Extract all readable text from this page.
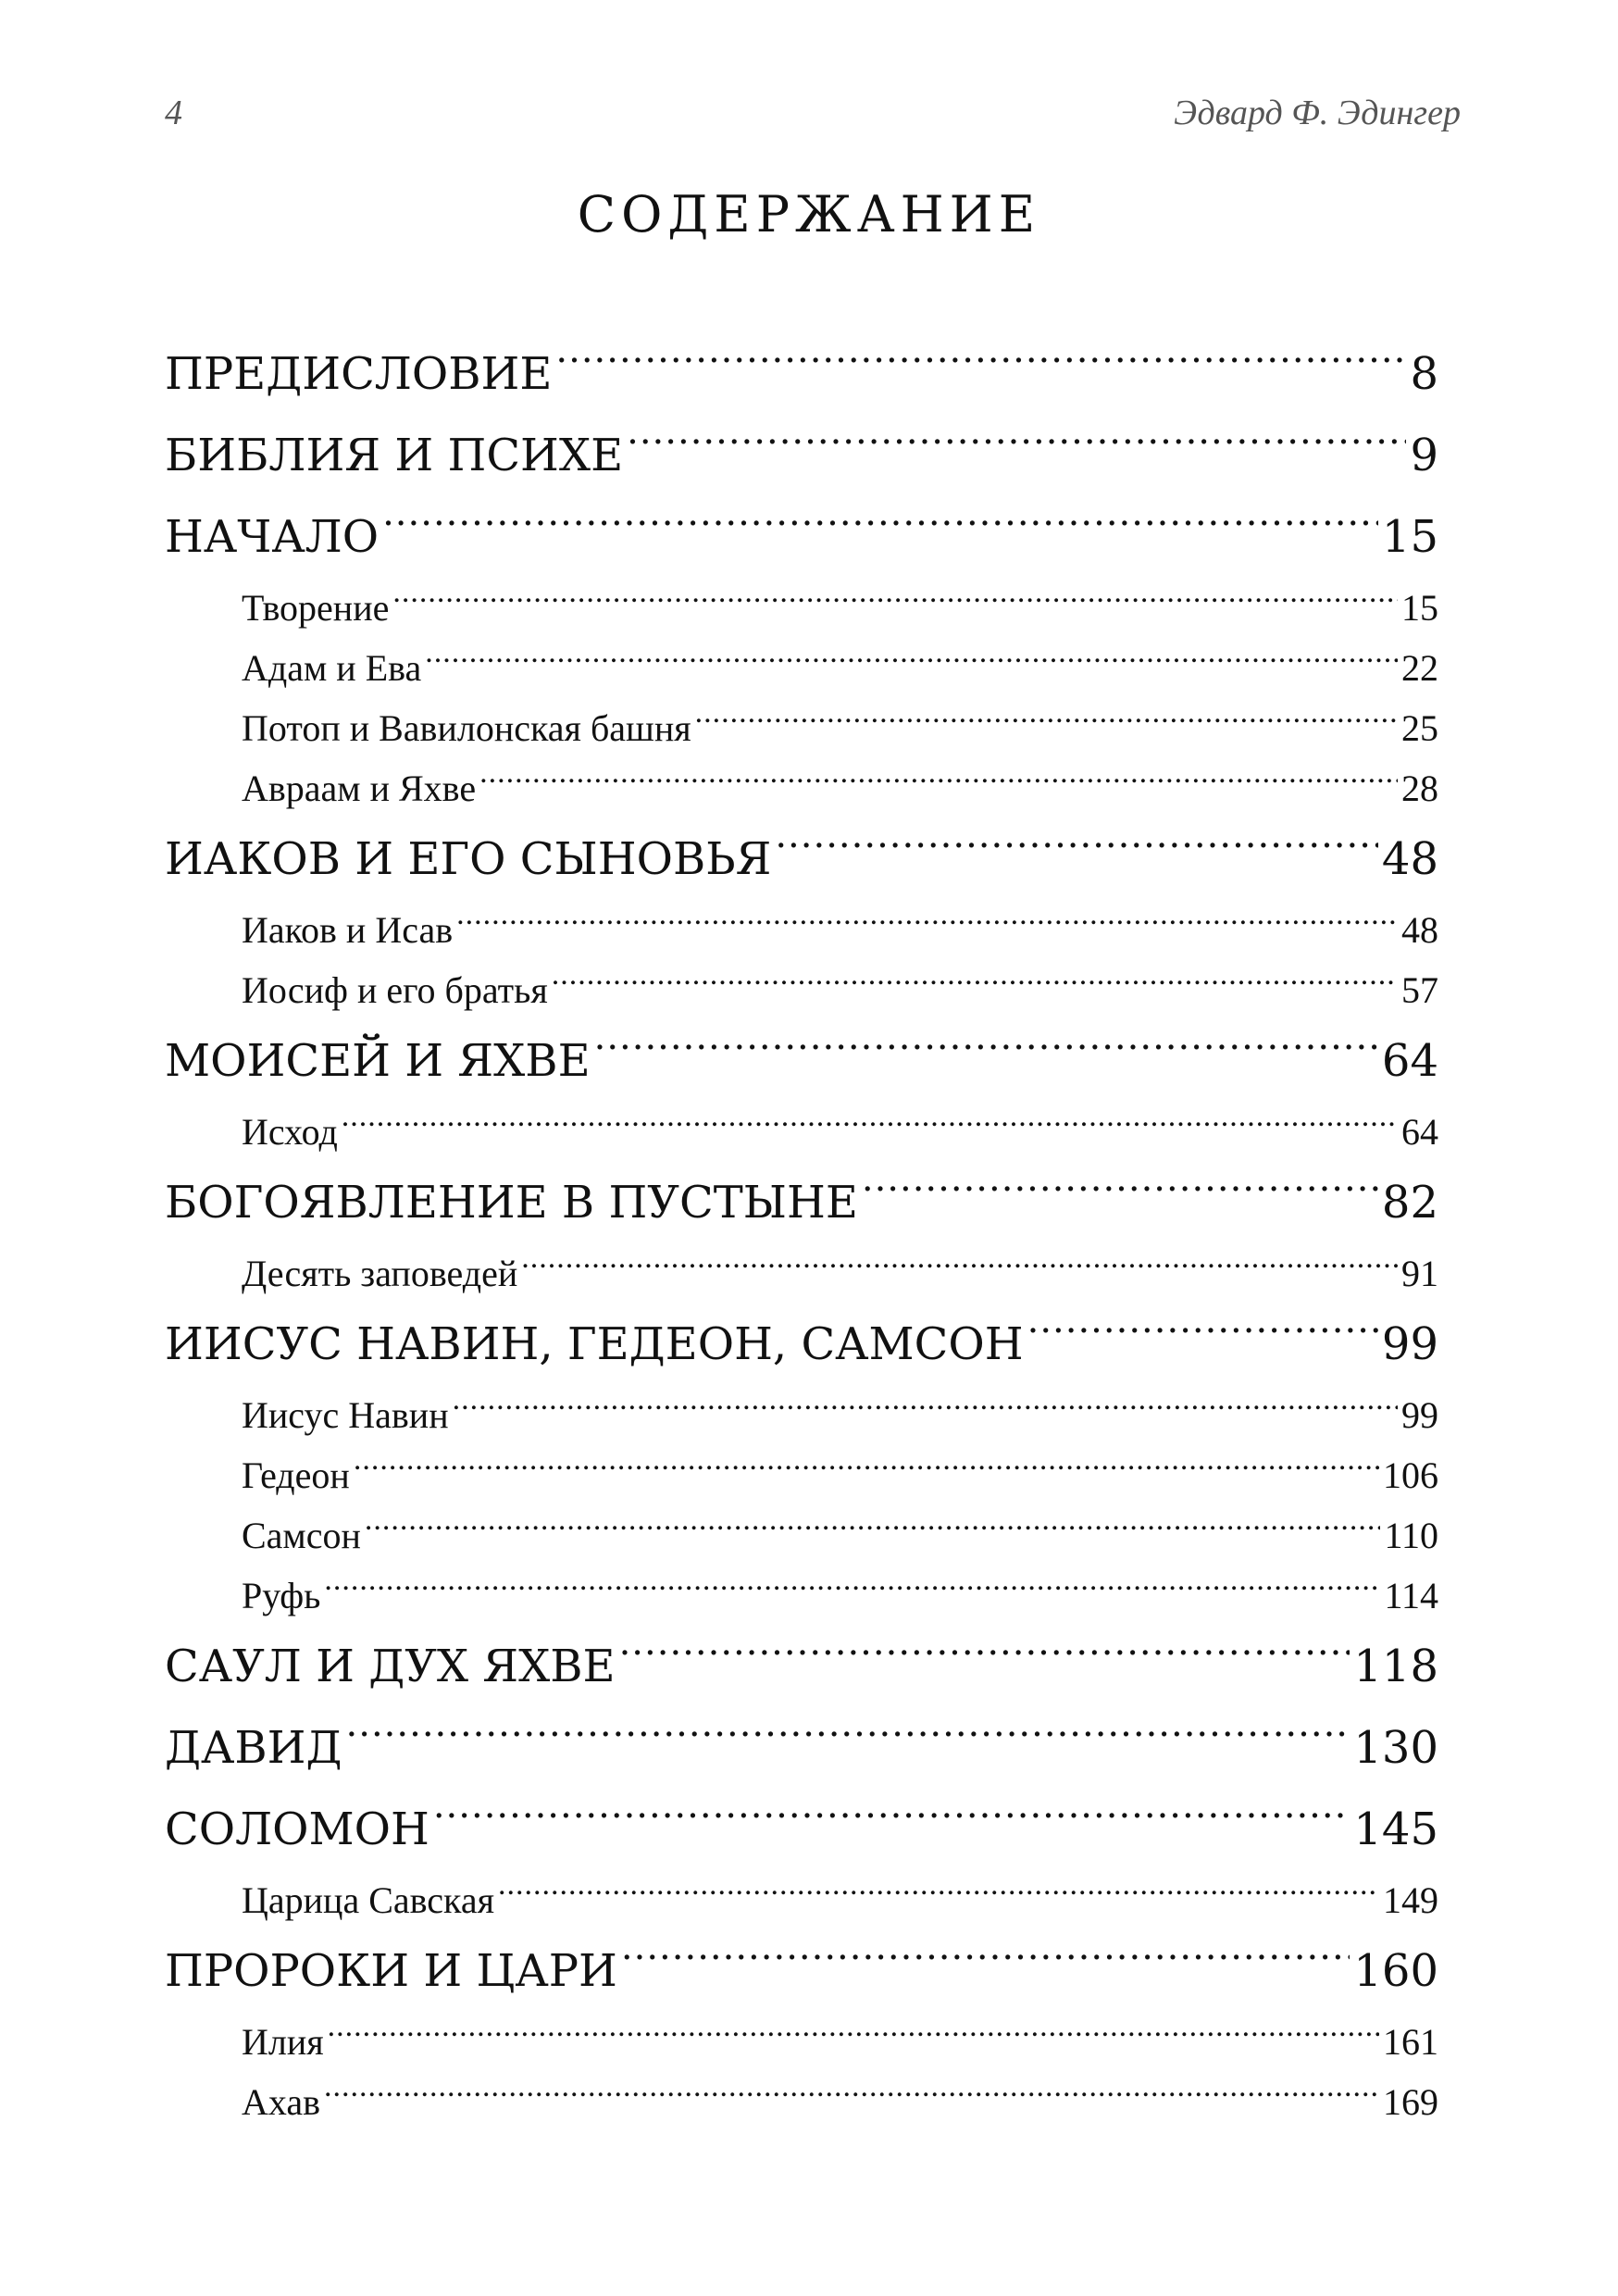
4	Эдвард Ф. Эдингер
СОДЕРЖАНИЕ
ПРЕДИСЛОВИЕ .....	8
БИБЛИЯ И ПСИХЕ .....	9
НАЧАЛО .....	15
Творение .....	15
Адам и Ева .....	22
Потоп и Вавилонская башня .....	25
Авраам и Яхве .....	28
ИАКОВ И ЕГО СЫНОВЬЯ .....	48
Иаков и Исав .....	48
Иосиф и его братья .....	57
МОИСЕЙ И ЯХВЕ .....	64
Исход .....	64
БОГОЯВЛЕНИЕ В ПУСТЫНЕ .....	82
Десять заповедей .....	91
ИИСУС НАВИН, ГЕДЕОН, САМСОН .....	99
Иисус Навин .....	99
Гедеон .....	106
Самсон .....	110
Руфь .....	114
САУЛ И ДУХ ЯХВЕ .....	118
ДАВИД .....	130
СОЛОМОН .....	145
Царица Савская .....	149
ПРОРОКИ И ЦАРИ .....	160
Илия .....	161
Ахав .....	169
